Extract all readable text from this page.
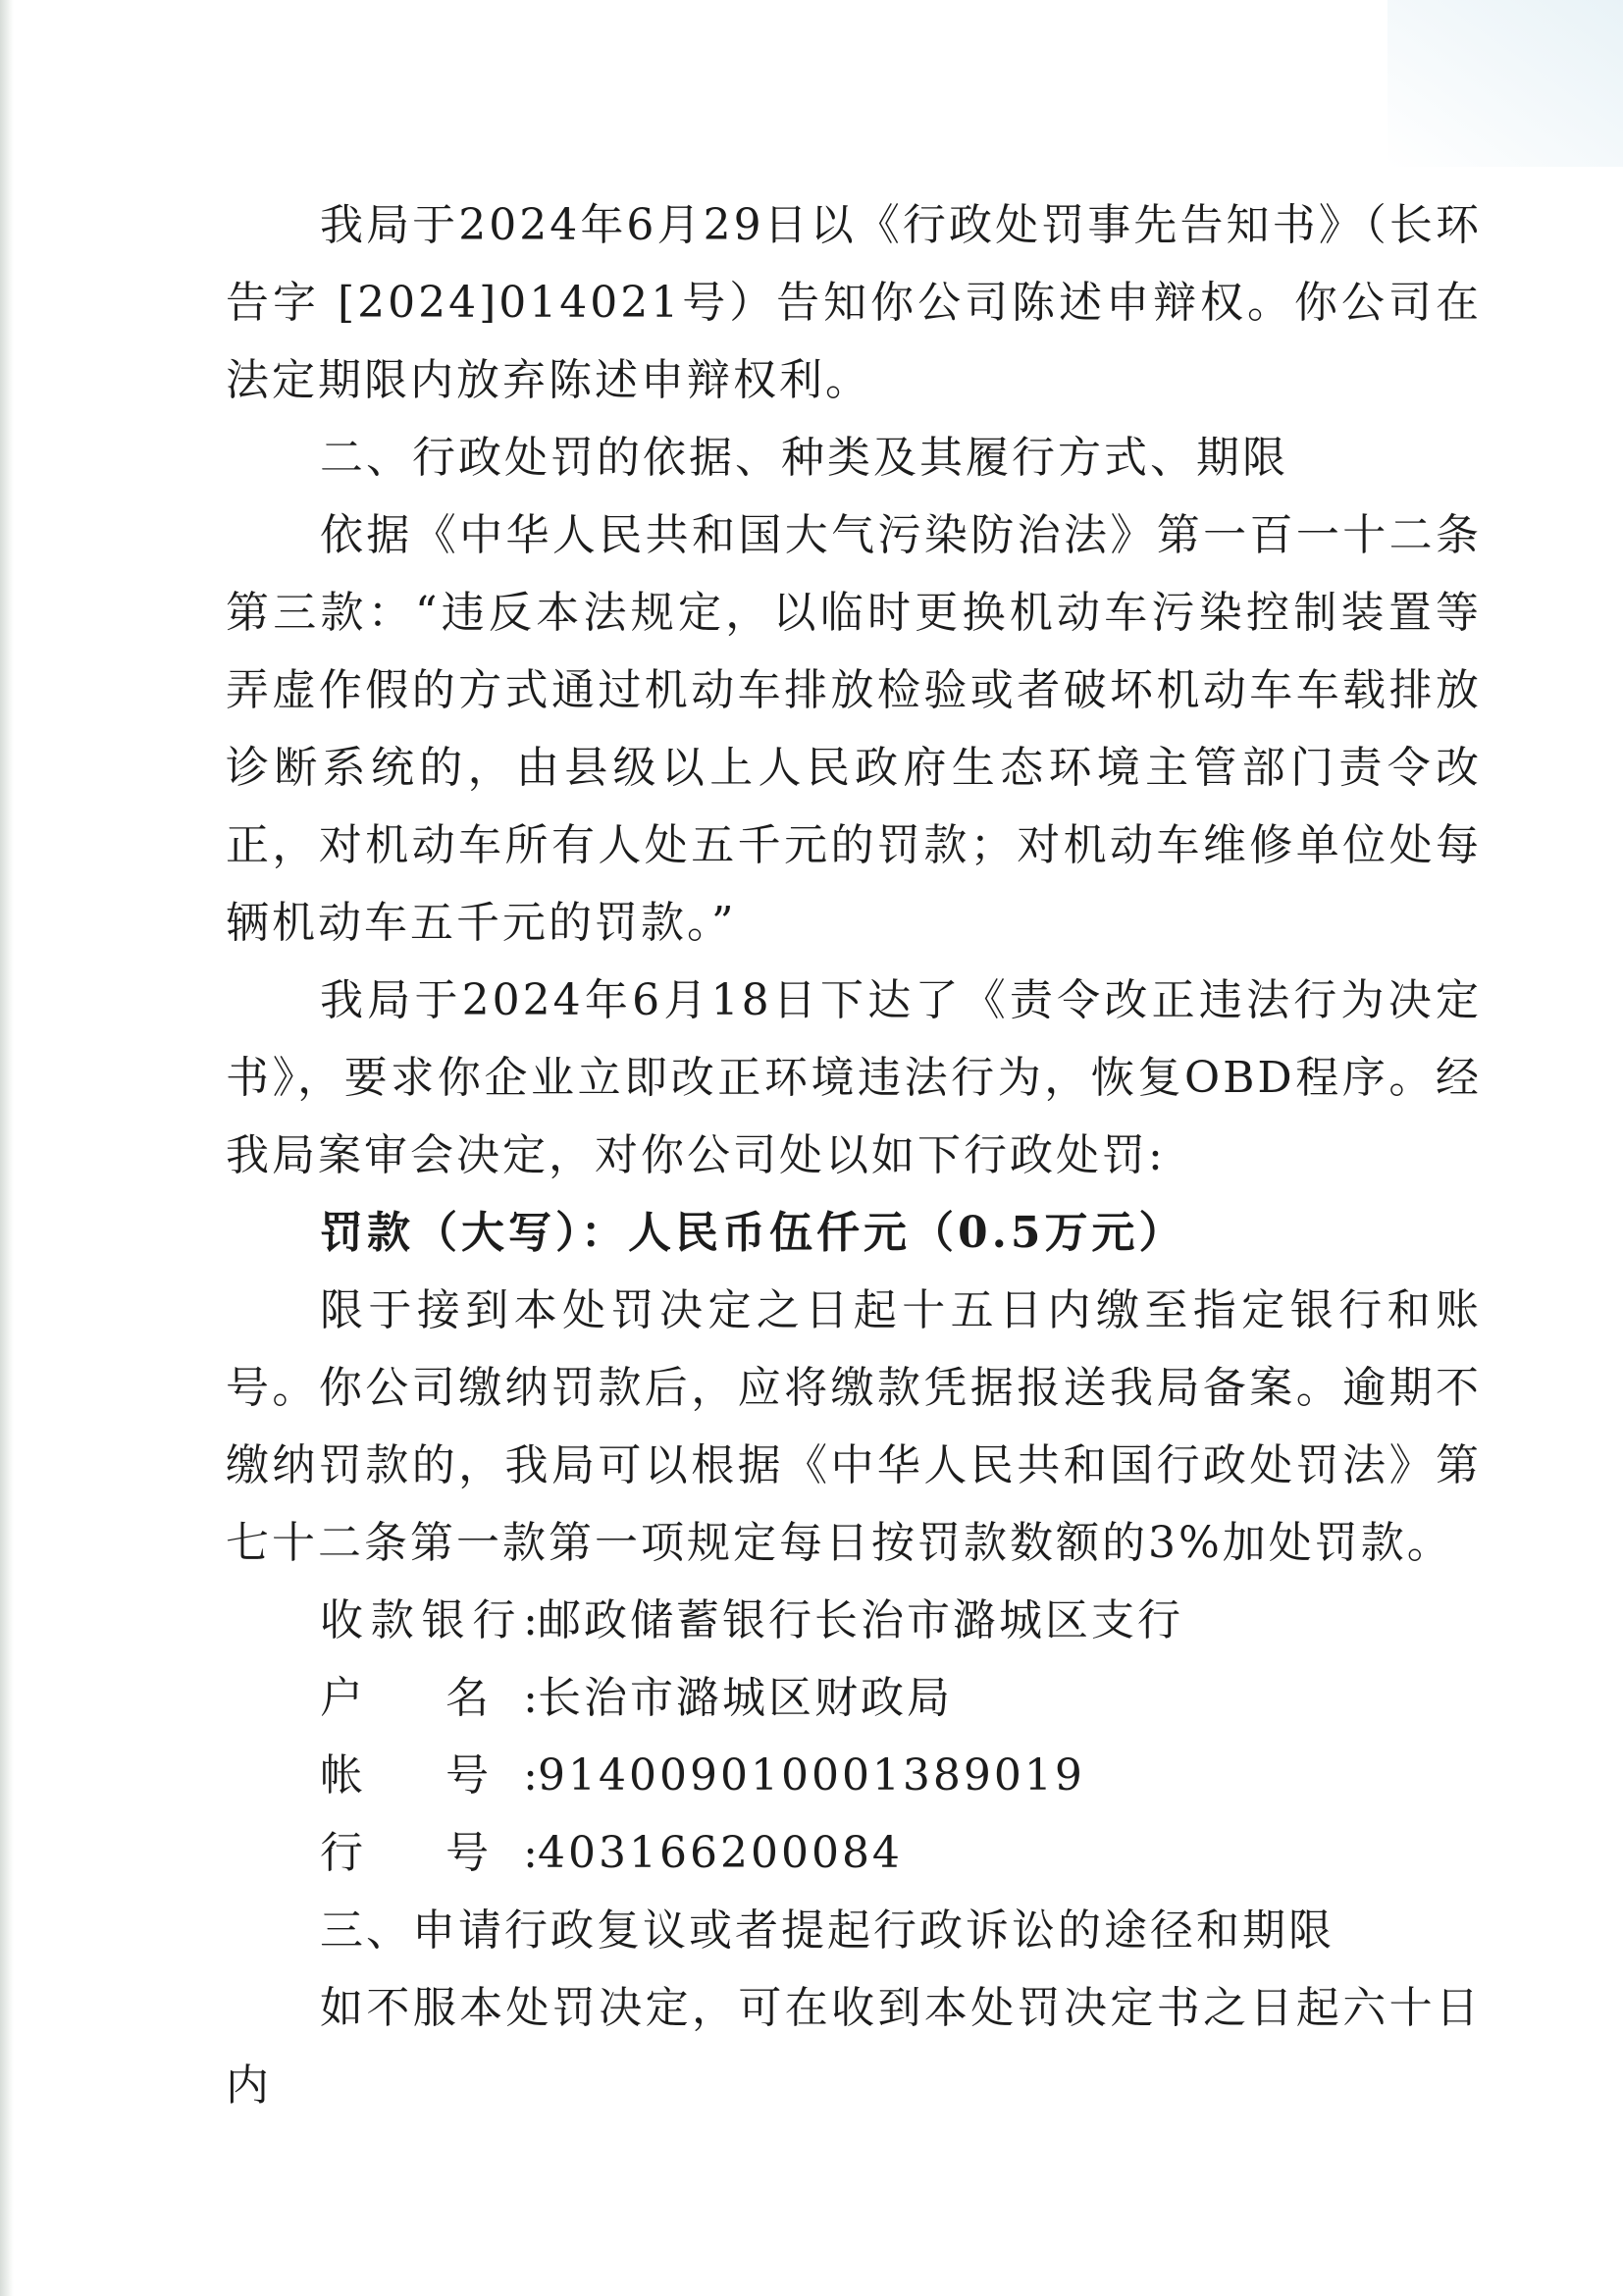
我局于2024年6月29日以《行政处罚事先告知书》（长环告字 [2024]014021号）告知你公司陈述申辩权。你公司在法定期限内放弃陈述申辩权利。

二、行政处罚的依据、种类及其履行方式、期限

依据《中华人民共和国大气污染防治法》第一百一十二条第三款：“违反本法规定，以临时更换机动车污染控制装置等弄虚作假的方式通过机动车排放检验或者破坏机动车车载排放诊断系统的，由县级以上人民政府生态环境主管部门责令改正，对机动车所有人处五千元的罚款；对机动车维修单位处每辆机动车五千元的罚款。”

我局于2024年6月18日下达了《责令改正违法行为决定书》，要求你企业立即改正环境违法行为，恢复OBD程序。经我局案审会决定，对你公司处以如下行政处罚:

罚款（大写）：人民币伍仟元（0.5万元）

限于接到本处罚决定之日起十五日内缴至指定银行和账号。你公司缴纳罚款后，应将缴款凭据报送我局备案。逾期不缴纳罚款的，我局可以根据《中华人民共和国行政处罚法》第七十二条第一款第一项规定每日按罚款数额的3%加处罚款。

收款银行: 邮政储蓄银行长治市潞城区支行
户 名: 长治市潞城区财政局
帐 号: 914009010001389019
行 号: 403166200084

三、申请行政复议或者提起行政诉讼的途径和期限

如不服本处罚决定，可在收到本处罚决定书之日起六十日内
